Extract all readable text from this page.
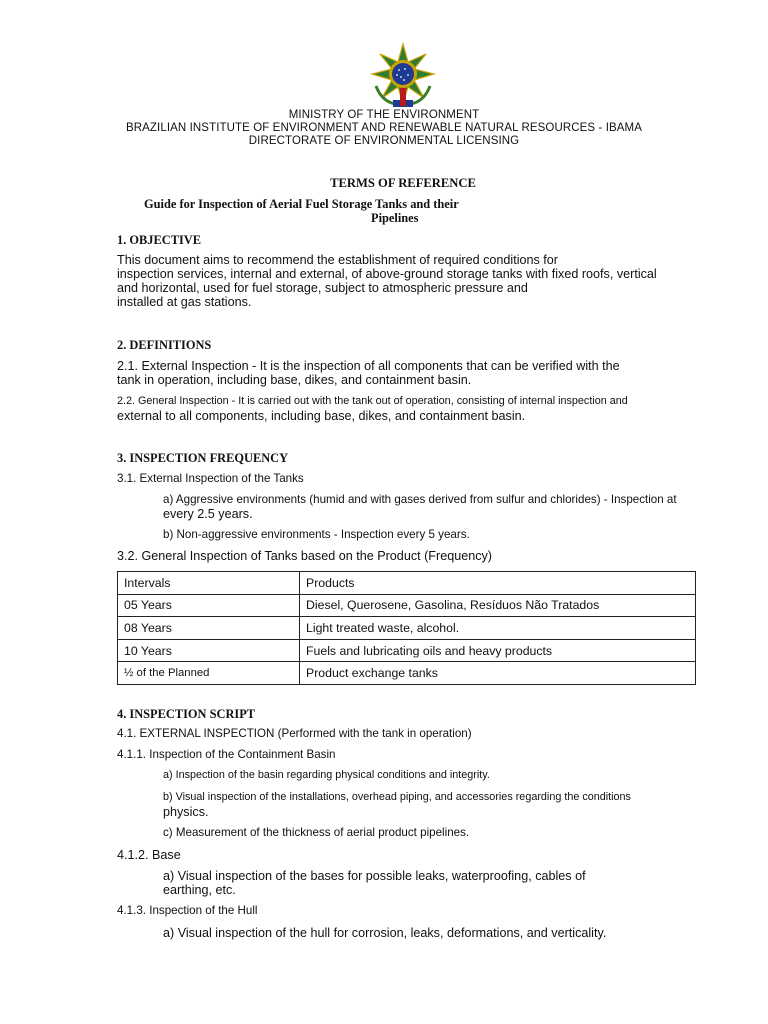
MINISTRY OF THE ENVIRONMENT
BRAZILIAN INSTITUTE OF ENVIRONMENT AND RENEWABLE NATURAL RESOURCES - IBAMA
DIRECTORATE OF ENVIRONMENTAL LICENSING
TERMS OF REFERENCE
Guide for Inspection of Aerial Fuel Storage Tanks and their
Pipelines
1. OBJECTIVE
This document aims to recommend the establishment of required conditions for
inspection services, internal and external, of above-ground storage tanks with fixed roofs, vertical
and horizontal, used for fuel storage, subject to atmospheric pressure and
installed at gas stations.
2. DEFINITIONS
2.1. External Inspection - It is the inspection of all components that can be verified with the
tank in operation, including base, dikes, and containment basin.
2.2. General Inspection - It is carried out with the tank out of operation, consisting of internal inspection and
external to all components, including base, dikes, and containment basin.
3. INSPECTION FREQUENCY
3.1. External Inspection of the Tanks
a) Aggressive environments (humid and with gases derived from sulfur and chlorides) - Inspection at
every 2.5 years.
b) Non-aggressive environments - Inspection every 5 years.
3.2. General Inspection of Tanks based on the Product (Frequency)
Intervals	Products
05 Years	Diesel, Querosene, Gasolina, Resíduos Não Tratados
08 Years	Light treated waste, alcohol.
10 Years	Fuels and lubricating oils and heavy products
½ of the Planned	Product exchange tanks
4. INSPECTION SCRIPT
4.1. EXTERNAL INSPECTION (Performed with the tank in operation)
4.1.1. Inspection of the Containment Basin
a) Inspection of the basin regarding physical conditions and integrity.
b) Visual inspection of the installations, overhead piping, and accessories regarding the conditions
physics.
c) Measurement of the thickness of aerial product pipelines.
4.1.2. Base
a) Visual inspection of the bases for possible leaks, waterproofing, cables of
earthing, etc.
4.1.3. Inspection of the Hull
a) Visual inspection of the hull for corrosion, leaks, deformations, and verticality.
